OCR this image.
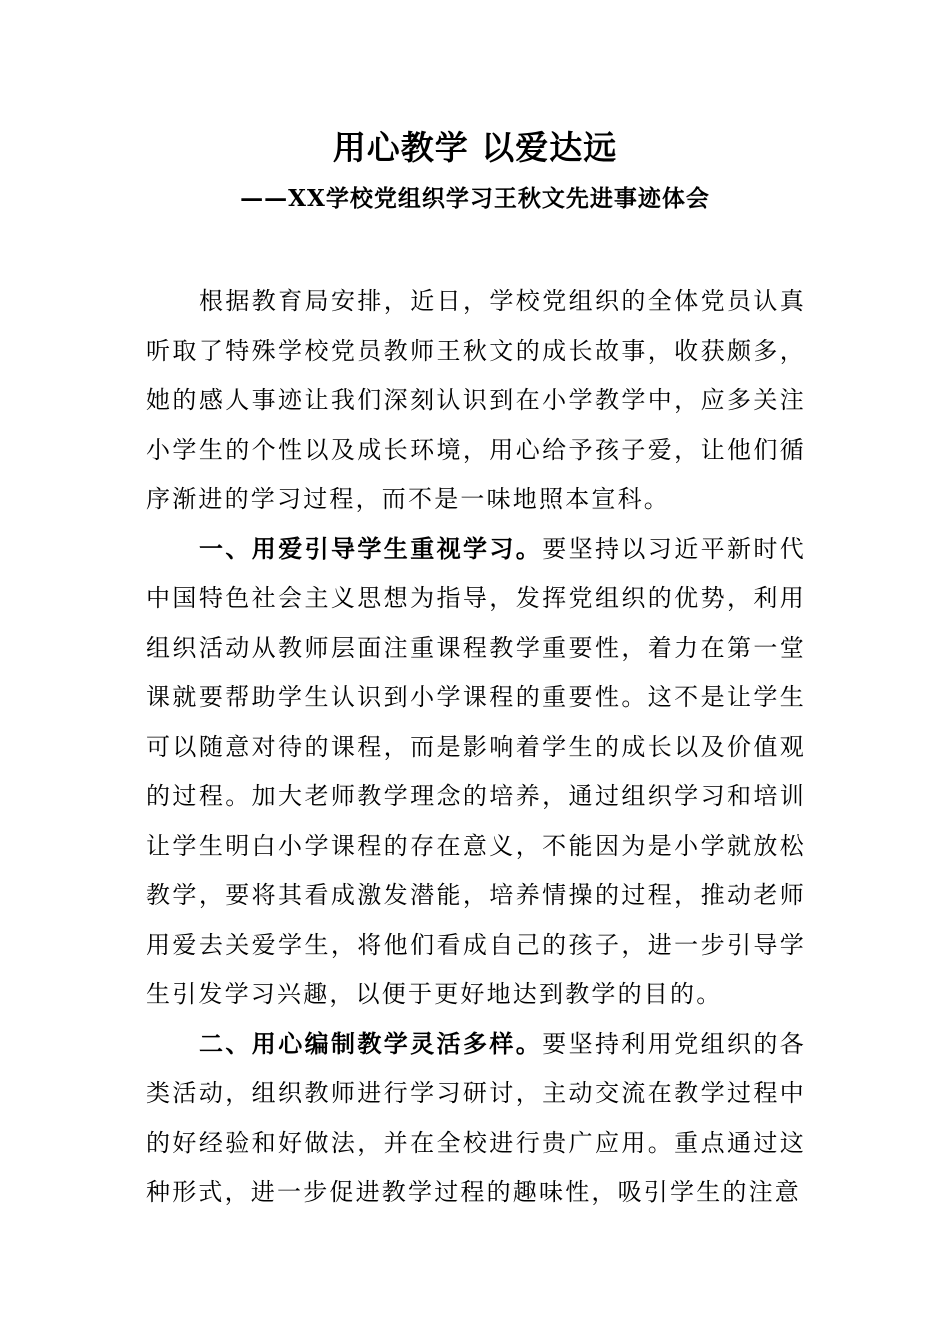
用心教学 以爱达远
——XX学校党组织学习王秋文先进事迹体会

根据教育局安排，近日，学校党组织的全体党员认真听取了特殊学校党员教师王秋文的成长故事，收获颇多，她的感人事迹让我们深刻认识到在小学教学中，应多关注小学生的个性以及成长环境，用心给予孩子爱，让他们循序渐进的学习过程，而不是一味地照本宣科。

一、用爱引导学生重视学习。要坚持以习近平新时代中国特色社会主义思想为指导，发挥党组织的优势，利用组织活动从教师层面注重课程教学重要性，着力在第一堂课就要帮助学生认识到小学课程的重要性。这不是让学生可以随意对待的课程，而是影响着学生的成长以及价值观的过程。加大老师教学理念的培养，通过组织学习和培训让学生明白小学课程的存在意义，不能因为是小学就放松教学，要将其看成激发潜能，培养情操的过程，推动老师用爱去关爱学生，将他们看成自己的孩子，进一步引导学生引发学习兴趣，以便于更好地达到教学的目的。

二、用心编制教学灵活多样。要坚持利用党组织的各类活动，组织教师进行学习研讨，主动交流在教学过程中的好经验和好做法，并在全校进行贵广应用。重点通过这种形式，进一步促进教学过程的趣味性，吸引学生的注意
